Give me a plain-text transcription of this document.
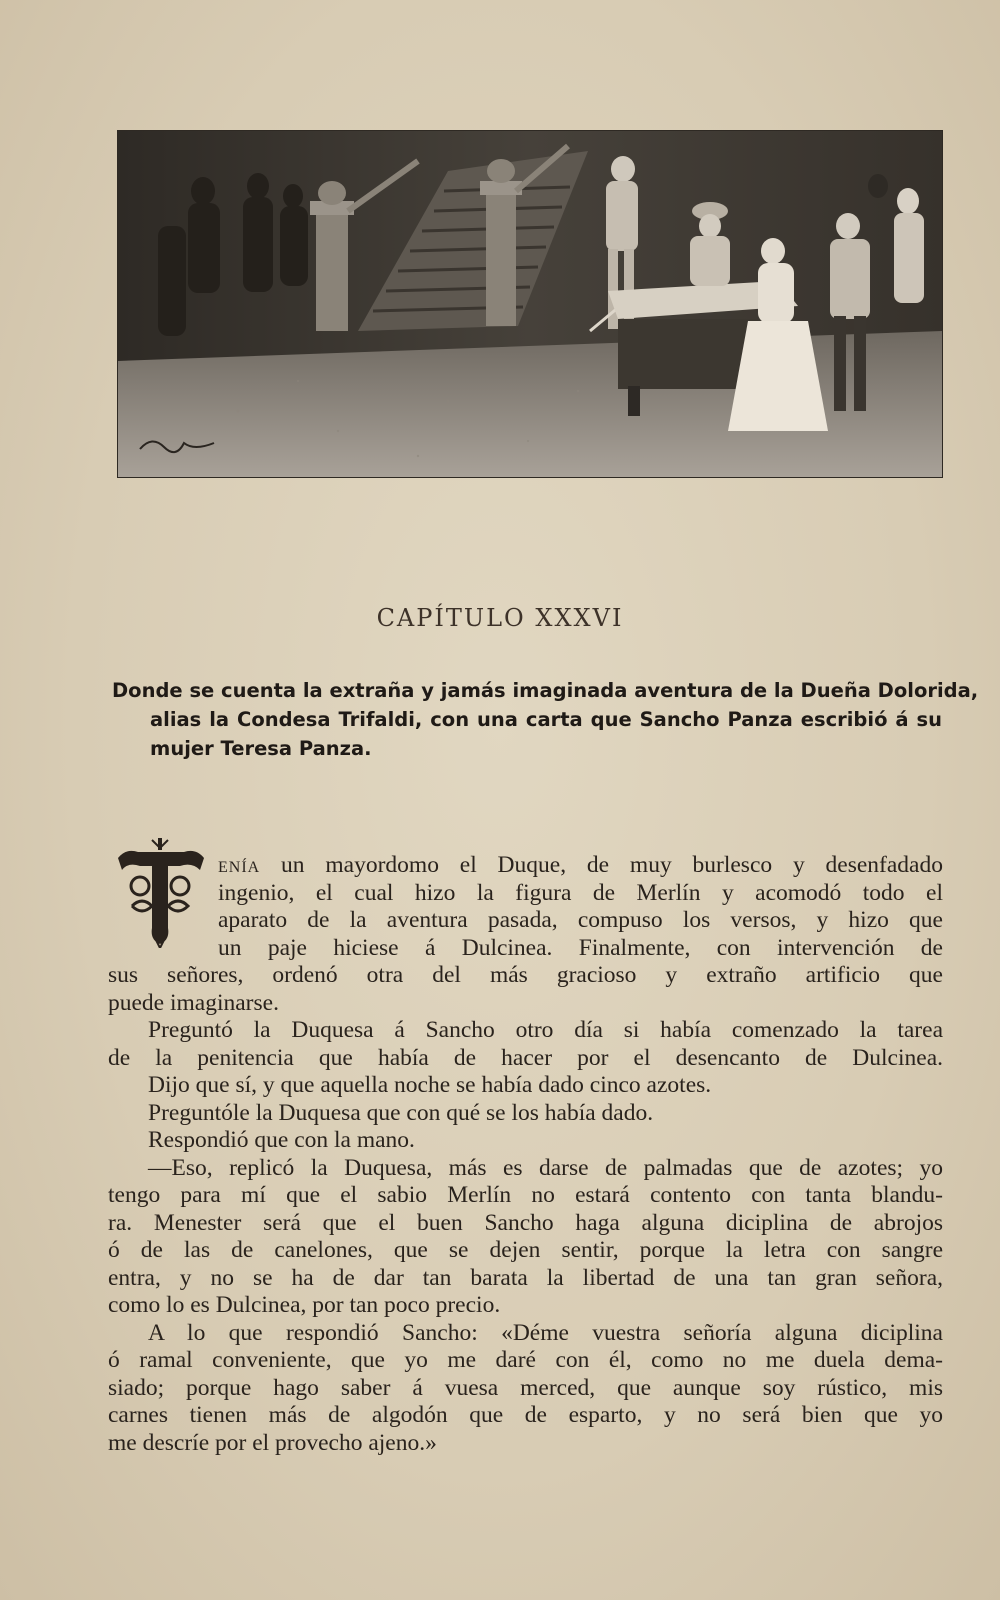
CAPÍTULO XXXVI
Donde se cuenta la extraña y jamás imaginada aventura de la Dueña Dolorida,
alias la Condesa Trifaldi, con una carta que Sancho Panza escribió á su
mujer Teresa Panza.
enía un mayordomo el Duque, de muy burlesco y desenfadado
ingenio, el cual hizo la figura de Merlín y acomodó todo el
aparato de la aventura pasada, compuso los versos, y hizo que
un paje hiciese á Dulcinea. Finalmente, con intervención de
sus señores, ordenó otra del más gracioso y extraño artificio que
puede imaginarse.
Preguntó la Duquesa á Sancho otro día si había comenzado la tarea
de la penitencia que había de hacer por el desencanto de Dulcinea.
Dijo que sí, y que aquella noche se había dado cinco azotes.
Preguntóle la Duquesa que con qué se los había dado.
Respondió que con la mano.
—Eso, replicó la Duquesa, más es darse de palmadas que de azotes; yo
tengo para mí que el sabio Merlín no estará contento con tanta blandu-
ra. Menester será que el buen Sancho haga alguna diciplina de abrojos
ó de las de canelones, que se dejen sentir, porque la letra con sangre
entra, y no se ha de dar tan barata la libertad de una tan gran señora,
como lo es Dulcinea, por tan poco precio.
A lo que respondió Sancho: «Déme vuestra señoría alguna diciplina
ó ramal conveniente, que yo me daré con él, como no me duela dema-
siado; porque hago saber á vuesa merced, que aunque soy rústico, mis
carnes tienen más de algodón que de esparto, y no será bien que yo
me descríe por el provecho ajeno.»
